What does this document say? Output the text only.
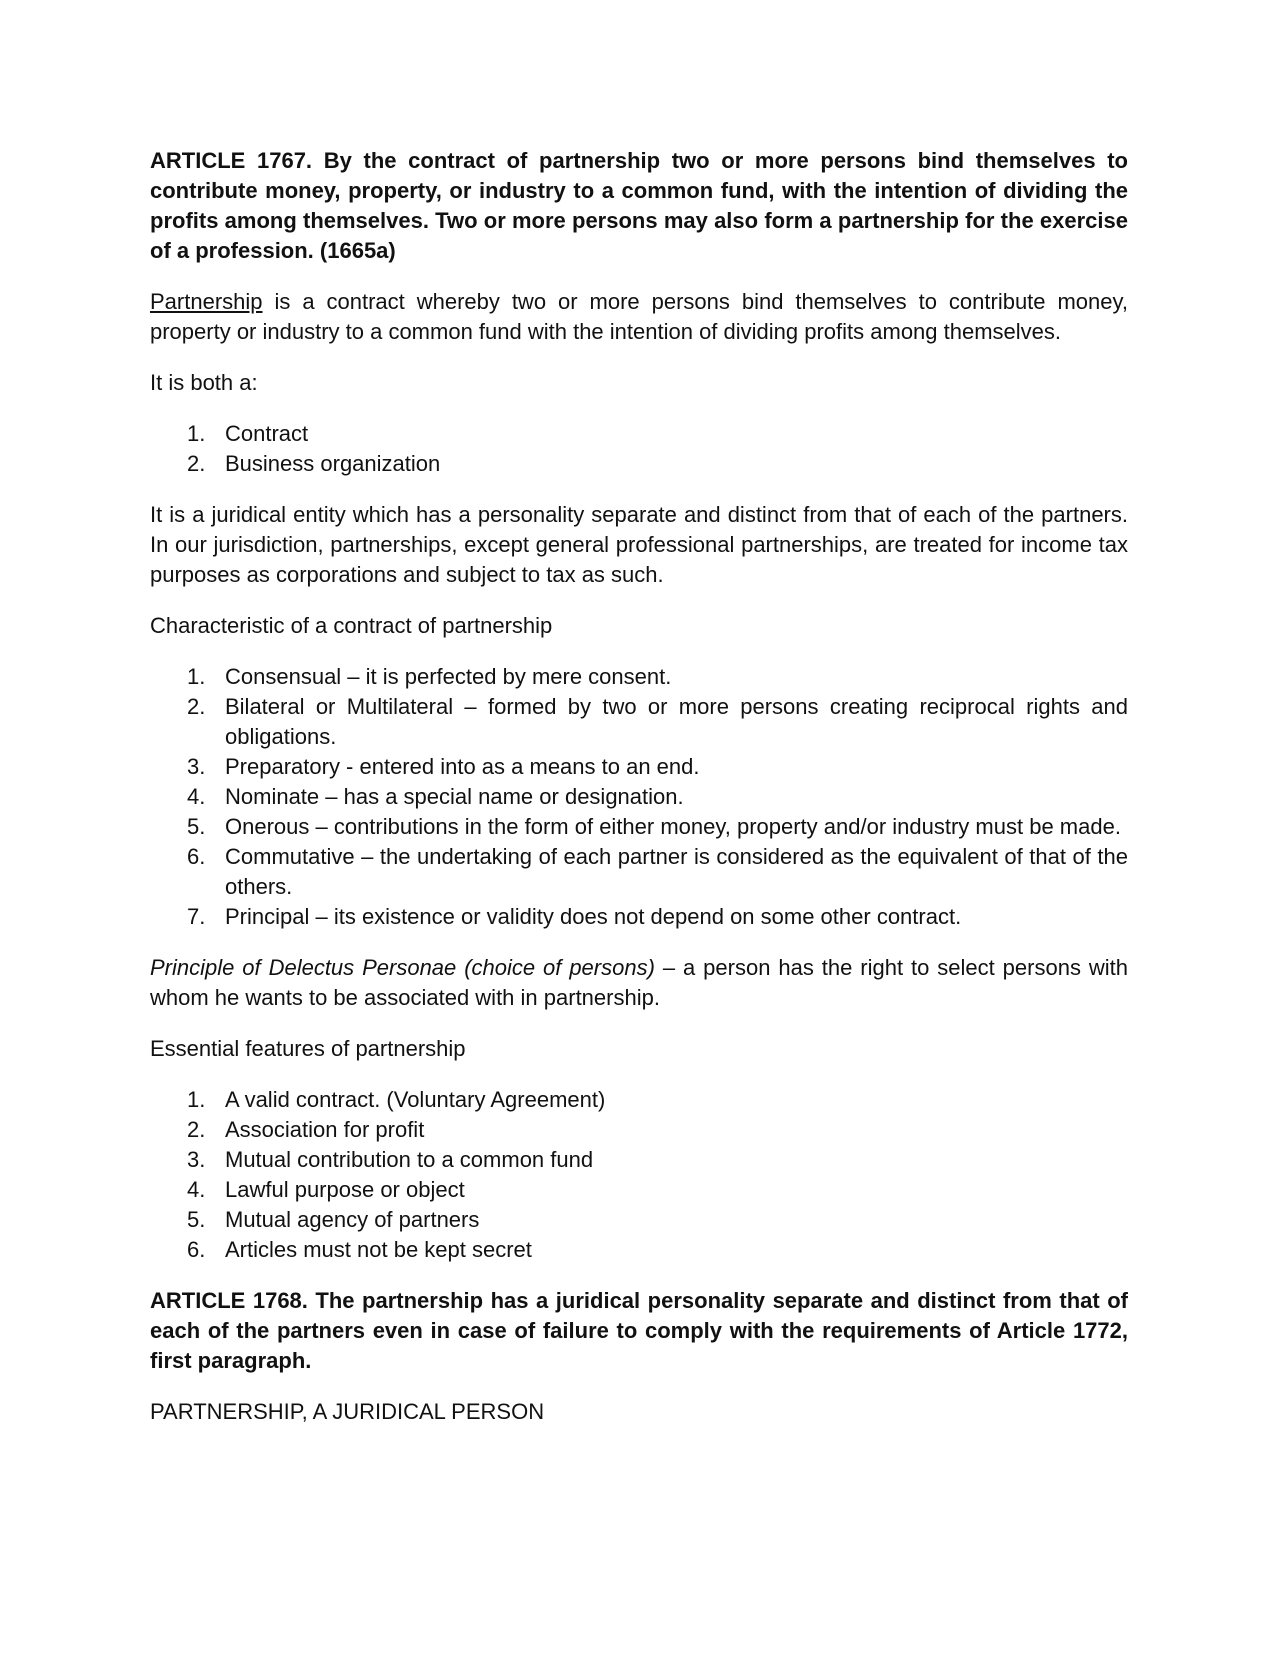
ARTICLE 1767. By the contract of partnership two or more persons bind themselves to contribute money, property, or industry to a common fund, with the intention of dividing the profits among themselves. Two or more persons may also form a partnership for the exercise of a profession. (1665a)

Partnership is a contract whereby two or more persons bind themselves to contribute money, property or industry to a common fund with the intention of dividing profits among themselves.

It is both a:

1. Contract
2. Business organization

It is a juridical entity which has a personality separate and distinct from that of each of the partners. In our jurisdiction, partnerships, except general professional partnerships, are treated for income tax purposes as corporations and subject to tax as such.

Characteristic of a contract of partnership

1. Consensual – it is perfected by mere consent.
2. Bilateral or Multilateral – formed by two or more persons creating reciprocal rights and obligations.
3. Preparatory - entered into as a means to an end.
4. Nominate – has a special name or designation.
5. Onerous – contributions in the form of either money, property and/or industry must be made.
6. Commutative – the undertaking of each partner is considered as the equivalent of that of the others.
7. Principal – its existence or validity does not depend on some other contract.

Principle of Delectus Personae (choice of persons) – a person has the right to select persons with whom he wants to be associated with in partnership.

Essential features of partnership

1. A valid contract. (Voluntary Agreement)
2. Association for profit
3. Mutual contribution to a common fund
4. Lawful purpose or object
5. Mutual agency of partners
6. Articles must not be kept secret

ARTICLE 1768. The partnership has a juridical personality separate and distinct from that of each of the partners even in case of failure to comply with the requirements of Article 1772, first paragraph.

PARTNERSHIP, A JURIDICAL PERSON
